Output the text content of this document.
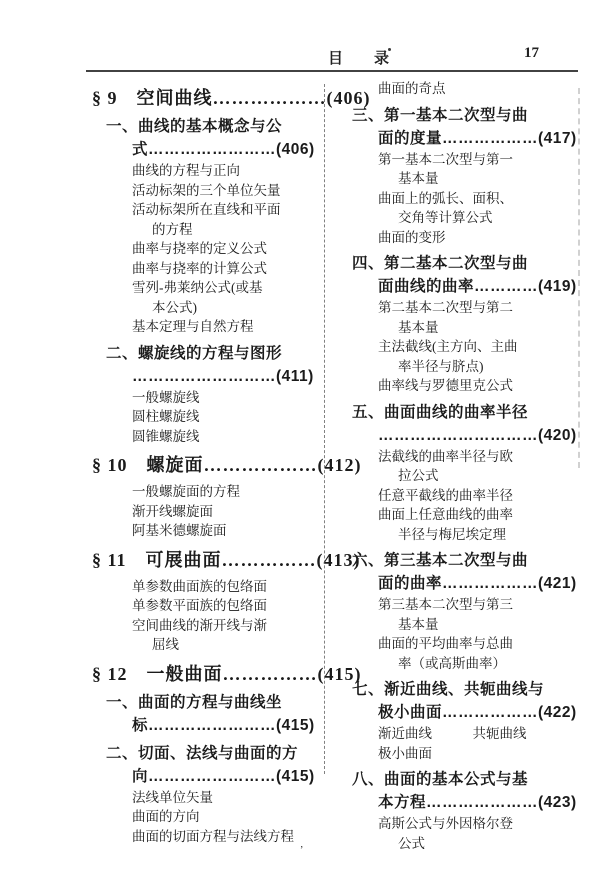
目　录	17
§ 9　空间曲线………………(406)
一、曲线的基本概念与公
式……………………(406)
曲线的方程与正向
活动标架的三个单位矢量
活动标架所在直线和平面
的方程
曲率与挠率的定义公式
曲率与挠率的计算公式
雪列-弗莱纳公式(或基
本公式)
基本定理与自然方程
二、螺旋线的方程与图形
………………………(411)
一般螺旋线
圆柱螺旋线
圆锥螺旋线
§ 10　螺旋面………………(412)
一般螺旋面的方程
渐开线螺旋面
阿基米德螺旋面
§ 11　可展曲面……………(413)
单参数曲面族的包络面
单参数平面族的包络面
空间曲线的渐开线与渐
屈线
§ 12　一般曲面……………(415)
一、曲面的方程与曲线坐
标……………………(415)
二、切面、法线与曲面的方
向……………………(415)
法线单位矢量
曲面的方向
曲面的切面方程与法线方程
曲面的奇点
三、第一基本二次型与曲
面的度量………………(417)
第一基本二次型与第一
基本量
曲面上的弧长、面积、
交角等计算公式
曲面的变形
四、第二基本二次型与曲
面曲线的曲率…………(419)
第二基本二次型与第二
基本量
主法截线(主方向、主曲
率半径与脐点)
曲率线与罗德里克公式
五、曲面曲线的曲率半径
…………………………(420)
法截线的曲率半径与欧
拉公式
任意平截线的曲率半径
曲面上任意曲线的曲率
半径与梅尼埃定理
六、第三基本二次型与曲
面的曲率………………(421)
第三基本二次型与第三
基本量
曲面的平均曲率与总曲
率（或高斯曲率）
七、渐近曲线、共轭曲线与
极小曲面………………(422)
渐近曲线　　　共轭曲线
极小曲面
八、曲面的基本公式与基
本方程…………………(423)
高斯公式与外因格尔登
公式
’
